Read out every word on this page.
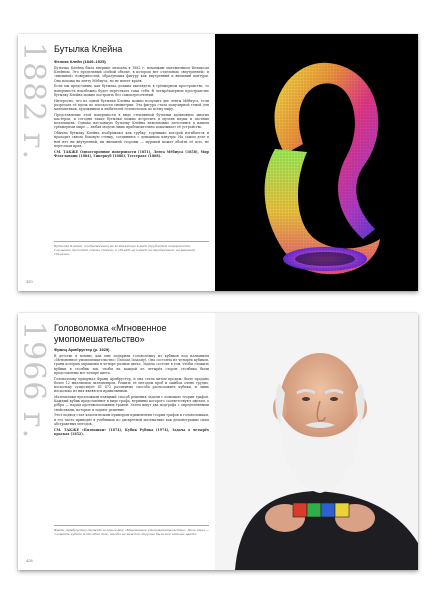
1882 г. Бутылка Клейна
Феликс Клейн (1849–1925)

Бутылка Клейна была впервые описана в 1882 г. немецким математиком Феликсом Клейном. Это предельный особый объект, в котором нет отдельных «внутренней» и «внешней» поверхностей, образующих фигуру как внутренний и внешний контуры. Она похожа на ленту Мёбиуса, но не имеет краёв.

Если мы представим, как бутылка должна выглядеть в трёхмерном пространстве, то поверхность неизбежно будет пересекать сама себя. В четырёхмерном пространстве бутылку Клейна можно построить без самопересечений.

Интересно, что из одной бутылки Клейна можно получить две ленты Мёбиуса, если разрезать её вдоль по плоскости симметрии. Эта фигура стала популярной темой для математиков, художников и любителей головоломок по всему миру.

Представление этой поверхности в виде стеклянной бутылки вдохновило многих мастеров, и сегодня такие бутылки можно встретить в музеях науки и частных коллекциях. Однако настоящую бутылку Клейна невозможно изготовить в нашем трёхмерном мире — любая модель лишь приблизительно показывает её устройство.

Обычно бутылку Клейна изображают как трубку, горлышко которой изгибается и проходит сквозь боковую стенку, соединяясь с донышком изнутри. На самом деле в ней нет ни внутренней, ни внешней стороны — муравей может обойти её всю, не пересекая края.

СМ. ТАКЖЕ Односторонние поверхности (1851), Лента Мёбиуса (1858), Мир Флатландии (1884), Гиперкуб (1888), Тессеракт (1888).

Бутылка Клейна, изображённая на компьютере в виде трубчатой поверхности. Горлышко проходит сквозь стенку, и объект не имеет ни внутренней, ни внешней стороны.
320
1966 г. Головоломка «Мгновенное умопомешательство»
Франц Армбрустер (р. 1929)

В детстве я помню, как мне подарили головоломку из кубиков под названием «Мгновенное умопомешательство» (Instant Insanity). Она состояла из четырёх кубиков, грани которых окрашены в четыре разных цвета. Задача состоит в том, чтобы сложить кубики в столбик так, чтобы на каждой из четырёх сторон столбика были представлены все четыре цвета.

Головоломку придумал Франц Армбрустер, и она стала хитом продаж: было продано более 12 миллионов экземпляров. Решить её методом проб и ошибок очень трудно, поскольку существует 41 472 различных способа расположить кубики, и лишь несколько из них являются правильными.

Математики предложили изящный способ решения задачи с помощью теории графов. Каждый кубик представляют в виде графа, вершины которого соответствуют цветам, а рёбра — парам противоположных граней. Затем ищут два подграфа с определёнными свойствами, которые и задают решение.

Этот подход стал классическим примером применения теории графов к головоломкам, и его часто приводят в учебниках по дискретной математике как демонстрацию силы абстрактных методов.

СМ. ТАКЖЕ «Пятнашки» (1874), Кубик Рубика (1974), Задача о четырёх красках (1852).

Франц Армбрустер держит головоломку «Мгновенное умопомешательство». Цель игры — сложить кубики в столбик так, чтобы на каждой стороне были все четыре цвета.
426
